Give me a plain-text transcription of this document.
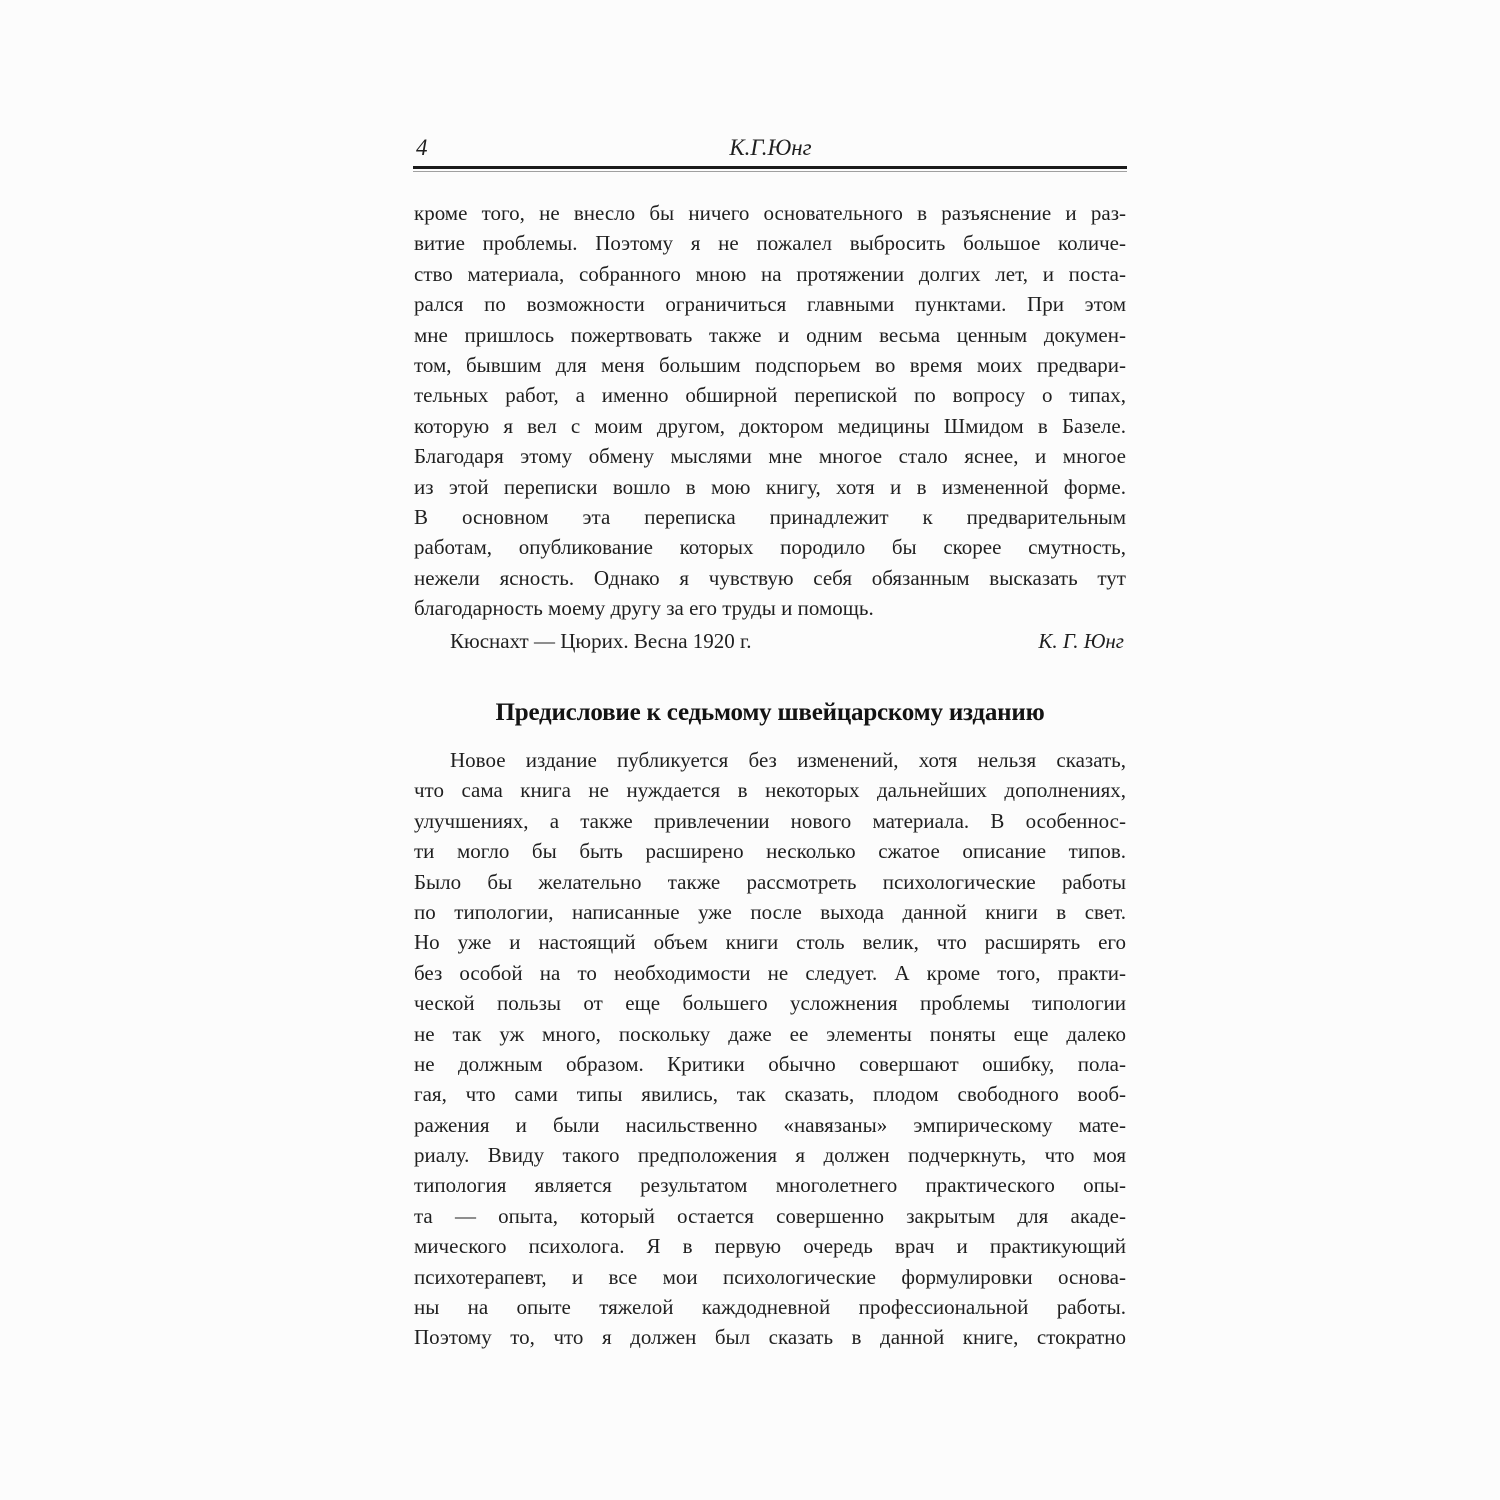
4	К.Г.Юнг
кроме того, не внесло бы ничего основательного в разъяснение и раз-
витие проблемы. Поэтому я не пожалел выбросить большое количе-
ство материала, собранного мною на протяжении долгих лет, и поста-
рался по возможности ограничиться главными пунктами. При этом
мне пришлось пожертвовать также и одним весьма ценным докумен-
том, бывшим для меня большим подспорьем во время моих предвари-
тельных работ, а именно обширной перепиской по вопросу о типах,
которую я вел с моим другом, доктором медицины Шмидом в Базеле.
Благодаря этому обмену мыслями мне многое стало яснее, и многое
из этой переписки вошло в мою книгу, хотя и в измененной форме.
В основном эта переписка принадлежит к предварительным
работам, опубликование которых породило бы скорее смутность,
нежели ясность. Однако я чувствую себя обязанным высказать тут
благодарность моему другу за его труды и помощь.
Кюснахт — Цюрих. Весна 1920 г.	К. Г. Юнг
Предисловие к седьмому швейцарскому изданию
Новое издание публикуется без изменений, хотя нельзя сказать,
что сама книга не нуждается в некоторых дальнейших дополнениях,
улучшениях, а также привлечении нового материала. В особеннос-
ти могло бы быть расширено несколько сжатое описание типов.
Было бы желательно также рассмотреть психологические работы
по типологии, написанные уже после выхода данной книги в свет.
Но уже и настоящий объем книги столь велик, что расширять его
без особой на то необходимости не следует. А кроме того, практи-
ческой пользы от еще большего усложнения проблемы типологии
не так уж много, поскольку даже ее элементы поняты еще далеко
не должным образом. Критики обычно совершают ошибку, пола-
гая, что сами типы явились, так сказать, плодом свободного вооб-
ражения и были насильственно «навязаны» эмпирическому мате-
риалу. Ввиду такого предположения я должен подчеркнуть, что моя
типология является результатом многолетнего практического опы-
та — опыта, который остается совершенно закрытым для акаде-
мического психолога. Я в первую очередь врач и практикующий
психотерапевт, и все мои психологические формулировки основа-
ны на опыте тяжелой каждодневной профессиональной работы.
Поэтому то, что я должен был сказать в данной книге, стократно
